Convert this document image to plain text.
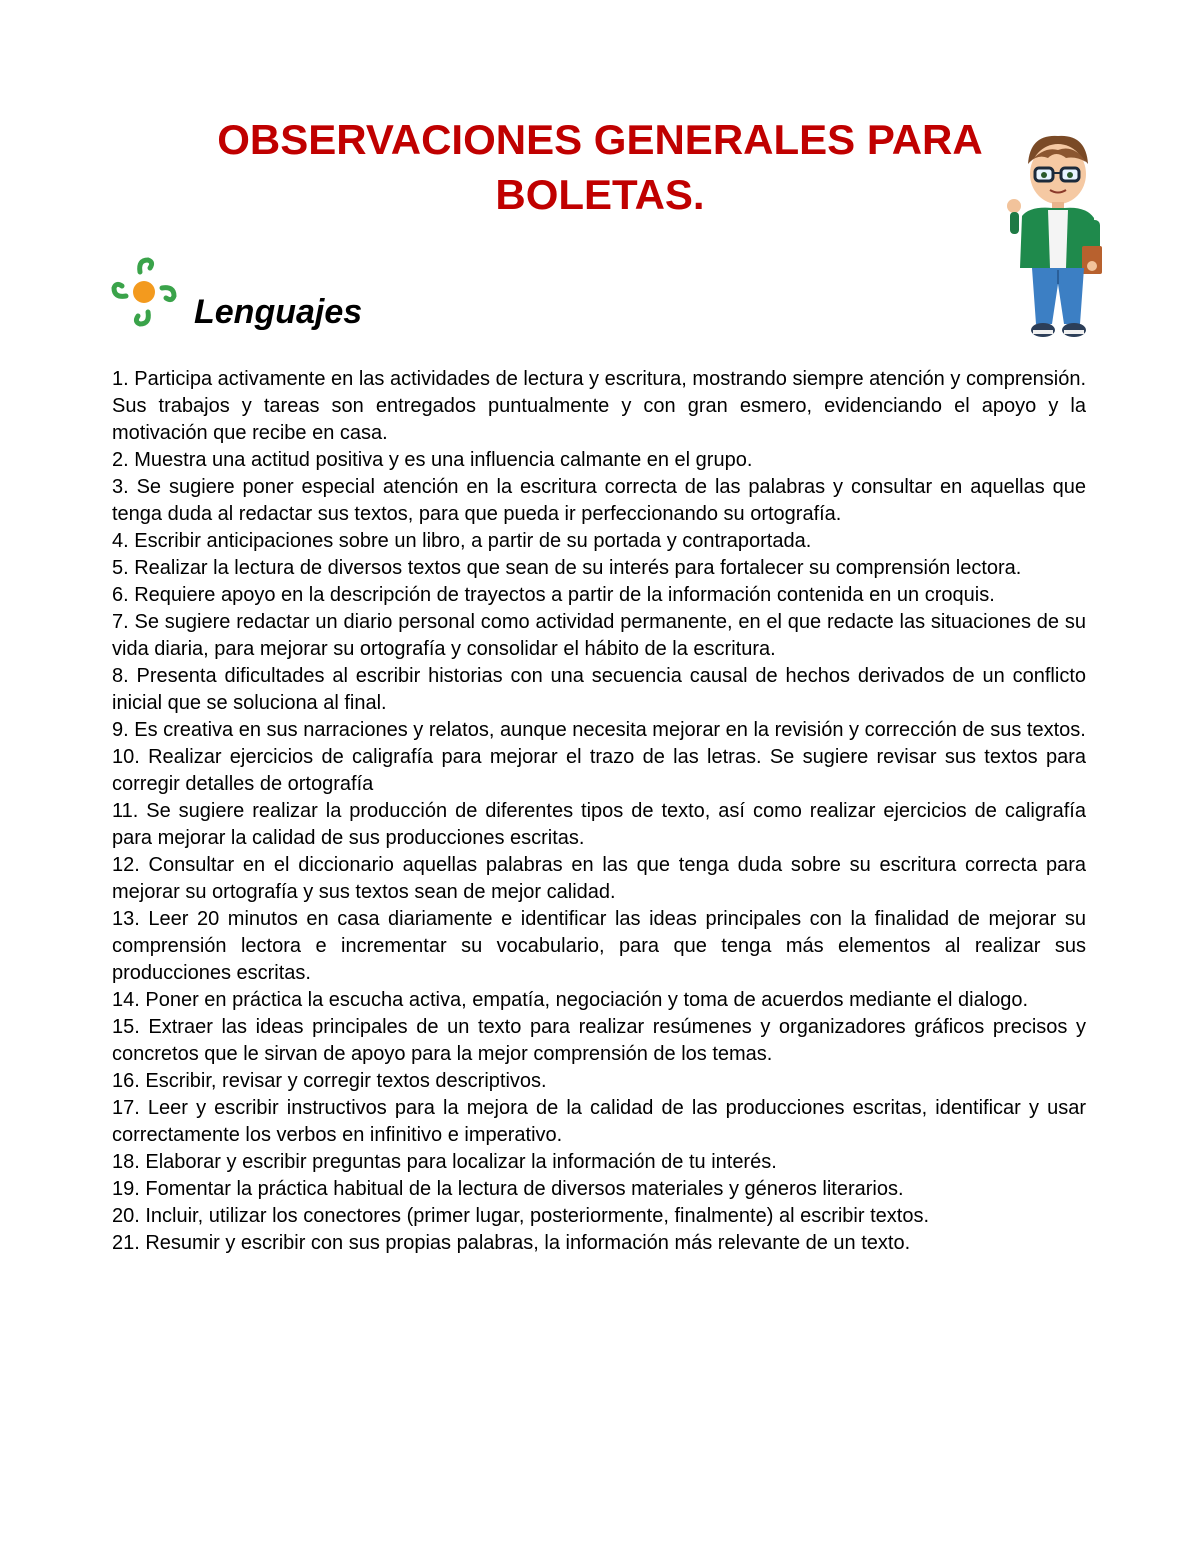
OBSERVACIONES GENERALES PARA BOLETAS.
Lenguajes
1. Participa activamente en las actividades de lectura y escritura, mostrando siempre atención y comprensión. Sus trabajos y tareas son entregados puntualmente y con gran esmero, evidenciando el apoyo y la motivación que recibe en casa.
2. Muestra una actitud positiva y es una influencia calmante en el grupo.
3. Se sugiere poner especial atención en la escritura correcta de las palabras y consultar en aquellas que tenga duda al redactar sus textos, para que pueda ir perfeccionando su ortografía.
4. Escribir anticipaciones sobre un libro, a partir de su portada y contraportada.
5. Realizar la lectura de diversos textos que sean de su interés para fortalecer su comprensión lectora.
6. Requiere apoyo en la descripción de trayectos a partir de la información contenida en un croquis.
7. Se sugiere redactar un diario personal como actividad permanente, en el que redacte las situaciones de su vida diaria, para mejorar su ortografía y consolidar el hábito de la escritura.
8. Presenta dificultades al escribir historias con una secuencia causal de hechos derivados de un conflicto inicial que se soluciona al final.
9. Es creativa en sus narraciones y relatos, aunque necesita mejorar en la revisión y corrección de sus textos.
10. Realizar ejercicios de caligrafía para mejorar el trazo de las letras. Se sugiere revisar sus textos para corregir detalles de ortografía
11. Se sugiere realizar la producción de diferentes tipos de texto, así como realizar ejercicios de caligrafía para mejorar la calidad de sus producciones escritas.
12. Consultar en el diccionario aquellas palabras en las que tenga duda sobre su escritura correcta para mejorar su ortografía y sus textos sean de mejor calidad.
13. Leer 20 minutos en casa diariamente e identificar las ideas principales con la finalidad de mejorar su comprensión lectora e incrementar su vocabulario, para que tenga más elementos al realizar sus producciones escritas.
14. Poner en práctica la escucha activa, empatía, negociación y toma de acuerdos mediante el dialogo.
15. Extraer las ideas principales de un texto para realizar resúmenes y organizadores gráficos precisos y concretos que le sirvan de apoyo para la mejor comprensión de los temas.
16. Escribir, revisar y corregir textos descriptivos.
17. Leer y escribir instructivos para la mejora de la calidad de las producciones escritas, identificar y usar correctamente los verbos en infinitivo e imperativo.
18. Elaborar y escribir preguntas para localizar la información de tu interés.
19. Fomentar la práctica habitual de la lectura de diversos materiales y géneros literarios.
20. Incluir, utilizar los conectores (primer lugar, posteriormente, finalmente) al escribir textos.
21. Resumir y escribir con sus propias palabras, la información más relevante de un texto.
